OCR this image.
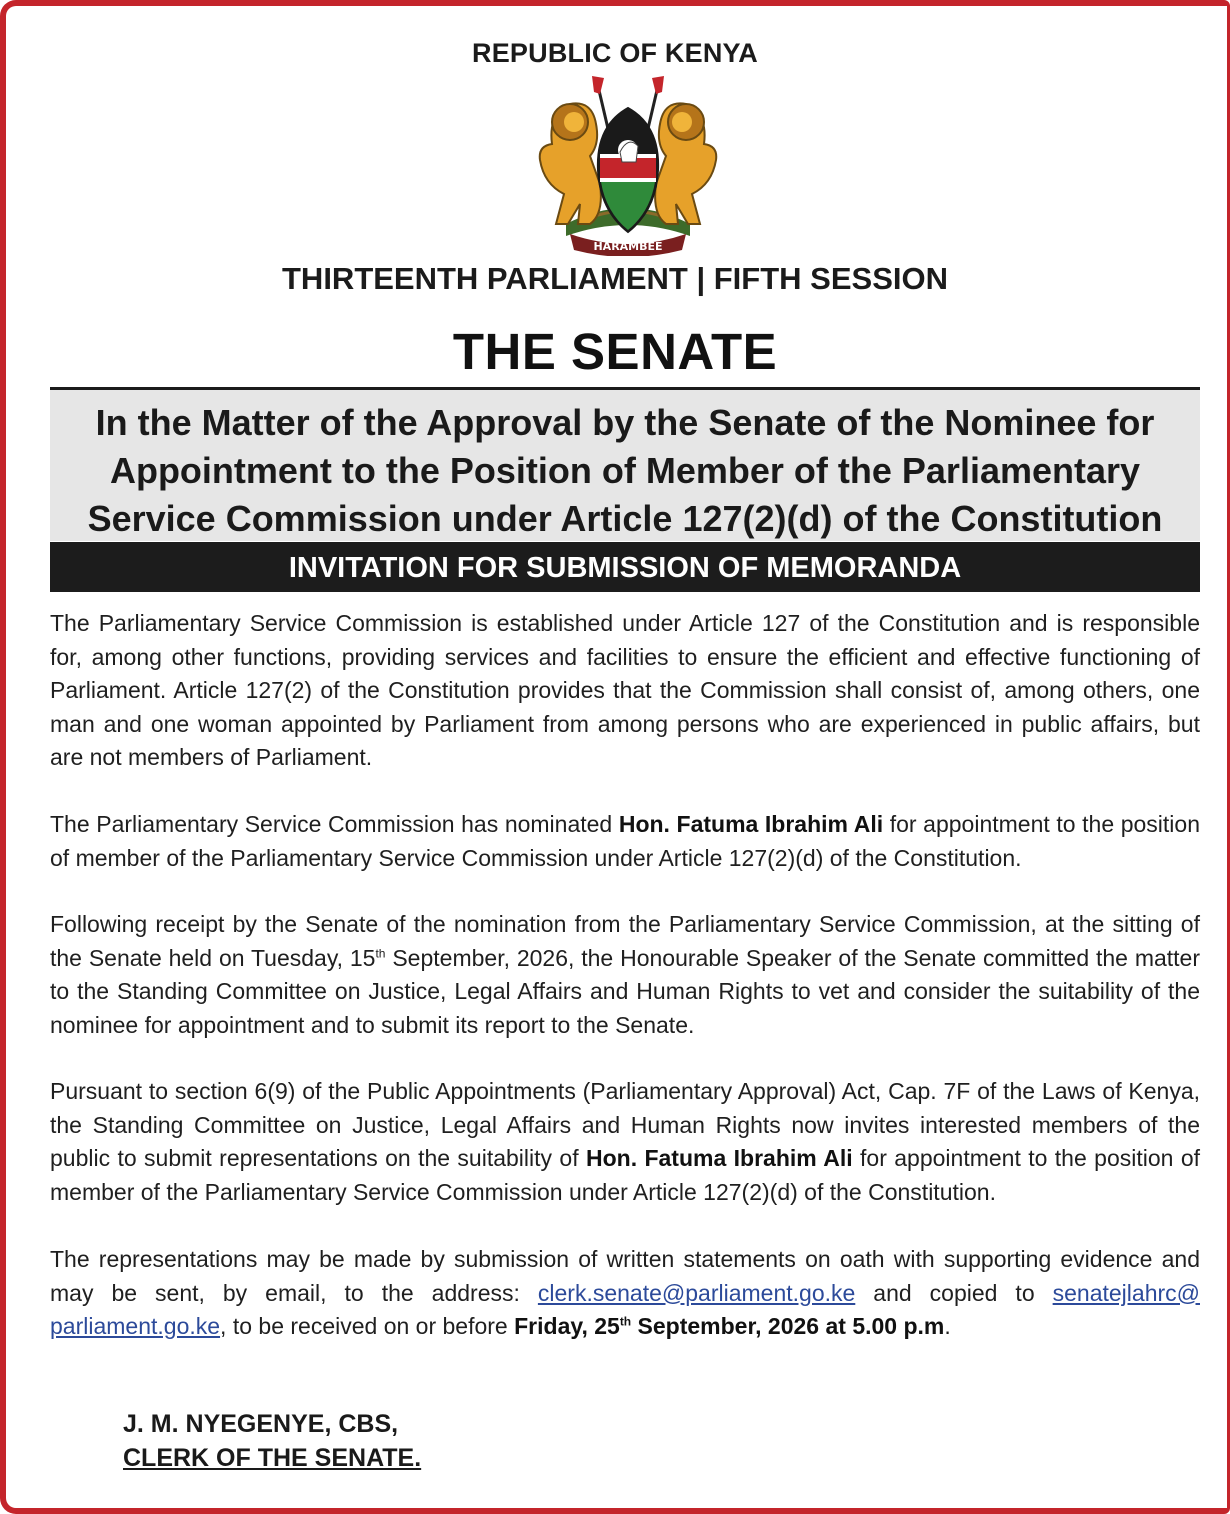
REPUBLIC OF KENYA
HARAMBEE
THIRTEENTH PARLIAMENT | FIFTH SESSION
THE SENATE
In the Matter of the Approval by the Senate of the Nominee for
Appointment to the Position of Member of the Parliamentary
Service Commission under Article 127(2)(d) of the Constitution
INVITATION FOR SUBMISSION OF MEMORANDA
The Parliamentary Service Commission is established under Article 127 of the Constitution and is responsible for, among other functions, providing services and facilities to ensure the efficient and effective functioning of Parliament. Article 127(2) of the Constitution provides that the Commission shall consist of, among others, one man and one woman appointed by Parliament from among persons who are experienced in public affairs, but are not members of Parliament.
The Parliamentary Service Commission has nominated Hon. Fatuma Ibrahim Ali for appointment to the position of member of the Parliamentary Service Commission under Article 127(2)(d) of the Constitution.
Following receipt by the Senate of the nomination from the Parliamentary Service Commission, at the sitting of the Senate held on Tuesday, 15th September, 2026, the Honourable Speaker of the Senate committed the matter to the Standing Committee on Justice, Legal Affairs and Human Rights to vet and consider the suitability of the nominee for appointment and to submit its report to the Senate.
Pursuant to section 6(9) of the Public Appointments (Parliamentary Approval) Act, Cap. 7F of the Laws of Kenya, the Standing Committee on Justice, Legal Affairs and Human Rights now invites interested members of the public to submit representations on the suitability of Hon. Fatuma Ibrahim Ali for appointment to the position of member of the Parliamentary Service Commission under Article 127(2)(d) of the Constitution.
The representations may be made by submission of written statements on oath with supporting evidence and may be sent, by email, to the address: clerk.senate@parliament.go.ke and copied to senatejlahrc@ parliament.go.ke, to be received on or before Friday, 25th September, 2026 at 5.00 p.m.
J. M. NYEGENYE, CBS,
CLERK OF THE SENATE.
